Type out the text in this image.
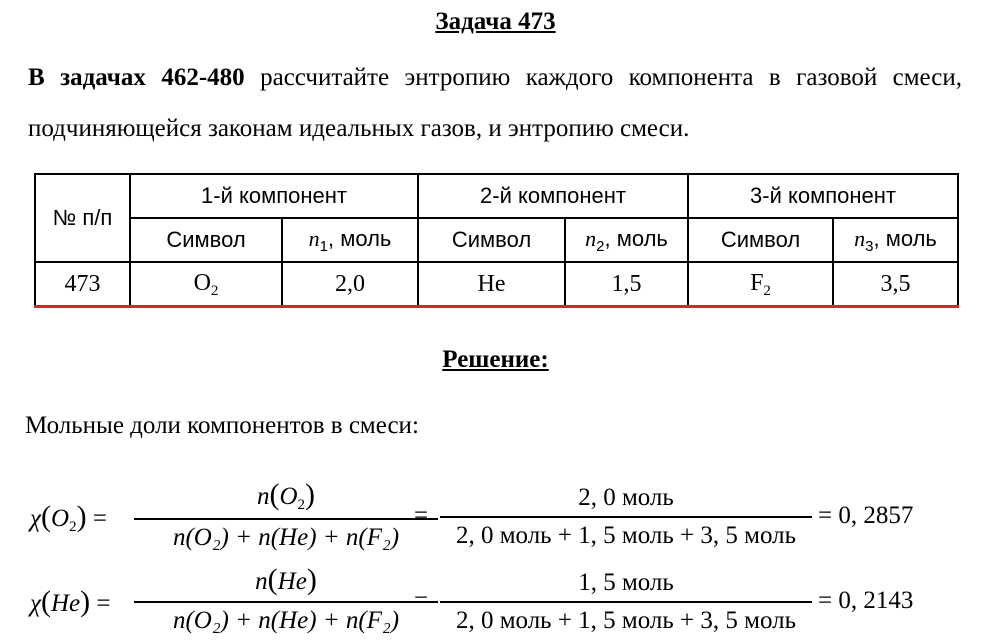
Задача 473

В задачах 462-480 рассчитайте энтропию каждого компонента в газовой смеси, подчиняющейся законам идеальных газов, и энтропию смеси.

№ п/п	1-й компонент		2-й компонент		3-й компонент	
	Символ	$n_1$, моль	Символ	$n_2$, моль	Символ	$n_3$, моль
473	$O_2$	2,0	He	1,5	$F_2$	3,5
Решение:
Мольные доли компонентов в смеси:
$\chi(O_2)$ =
$n(O_2)$
n(O₂) + n(He) + n(F₂)
=
2, 0 моль
2, 0 моль + 1, 5 моль + 3, 5 моль
= 0, 2857
χ(He) =
n(He)
n(O₂) + n(He) + n(F₂)
=
1, 5 моль
2, 0 моль + 1, 5 моль + 3, 5 моль
= 0, 2143
